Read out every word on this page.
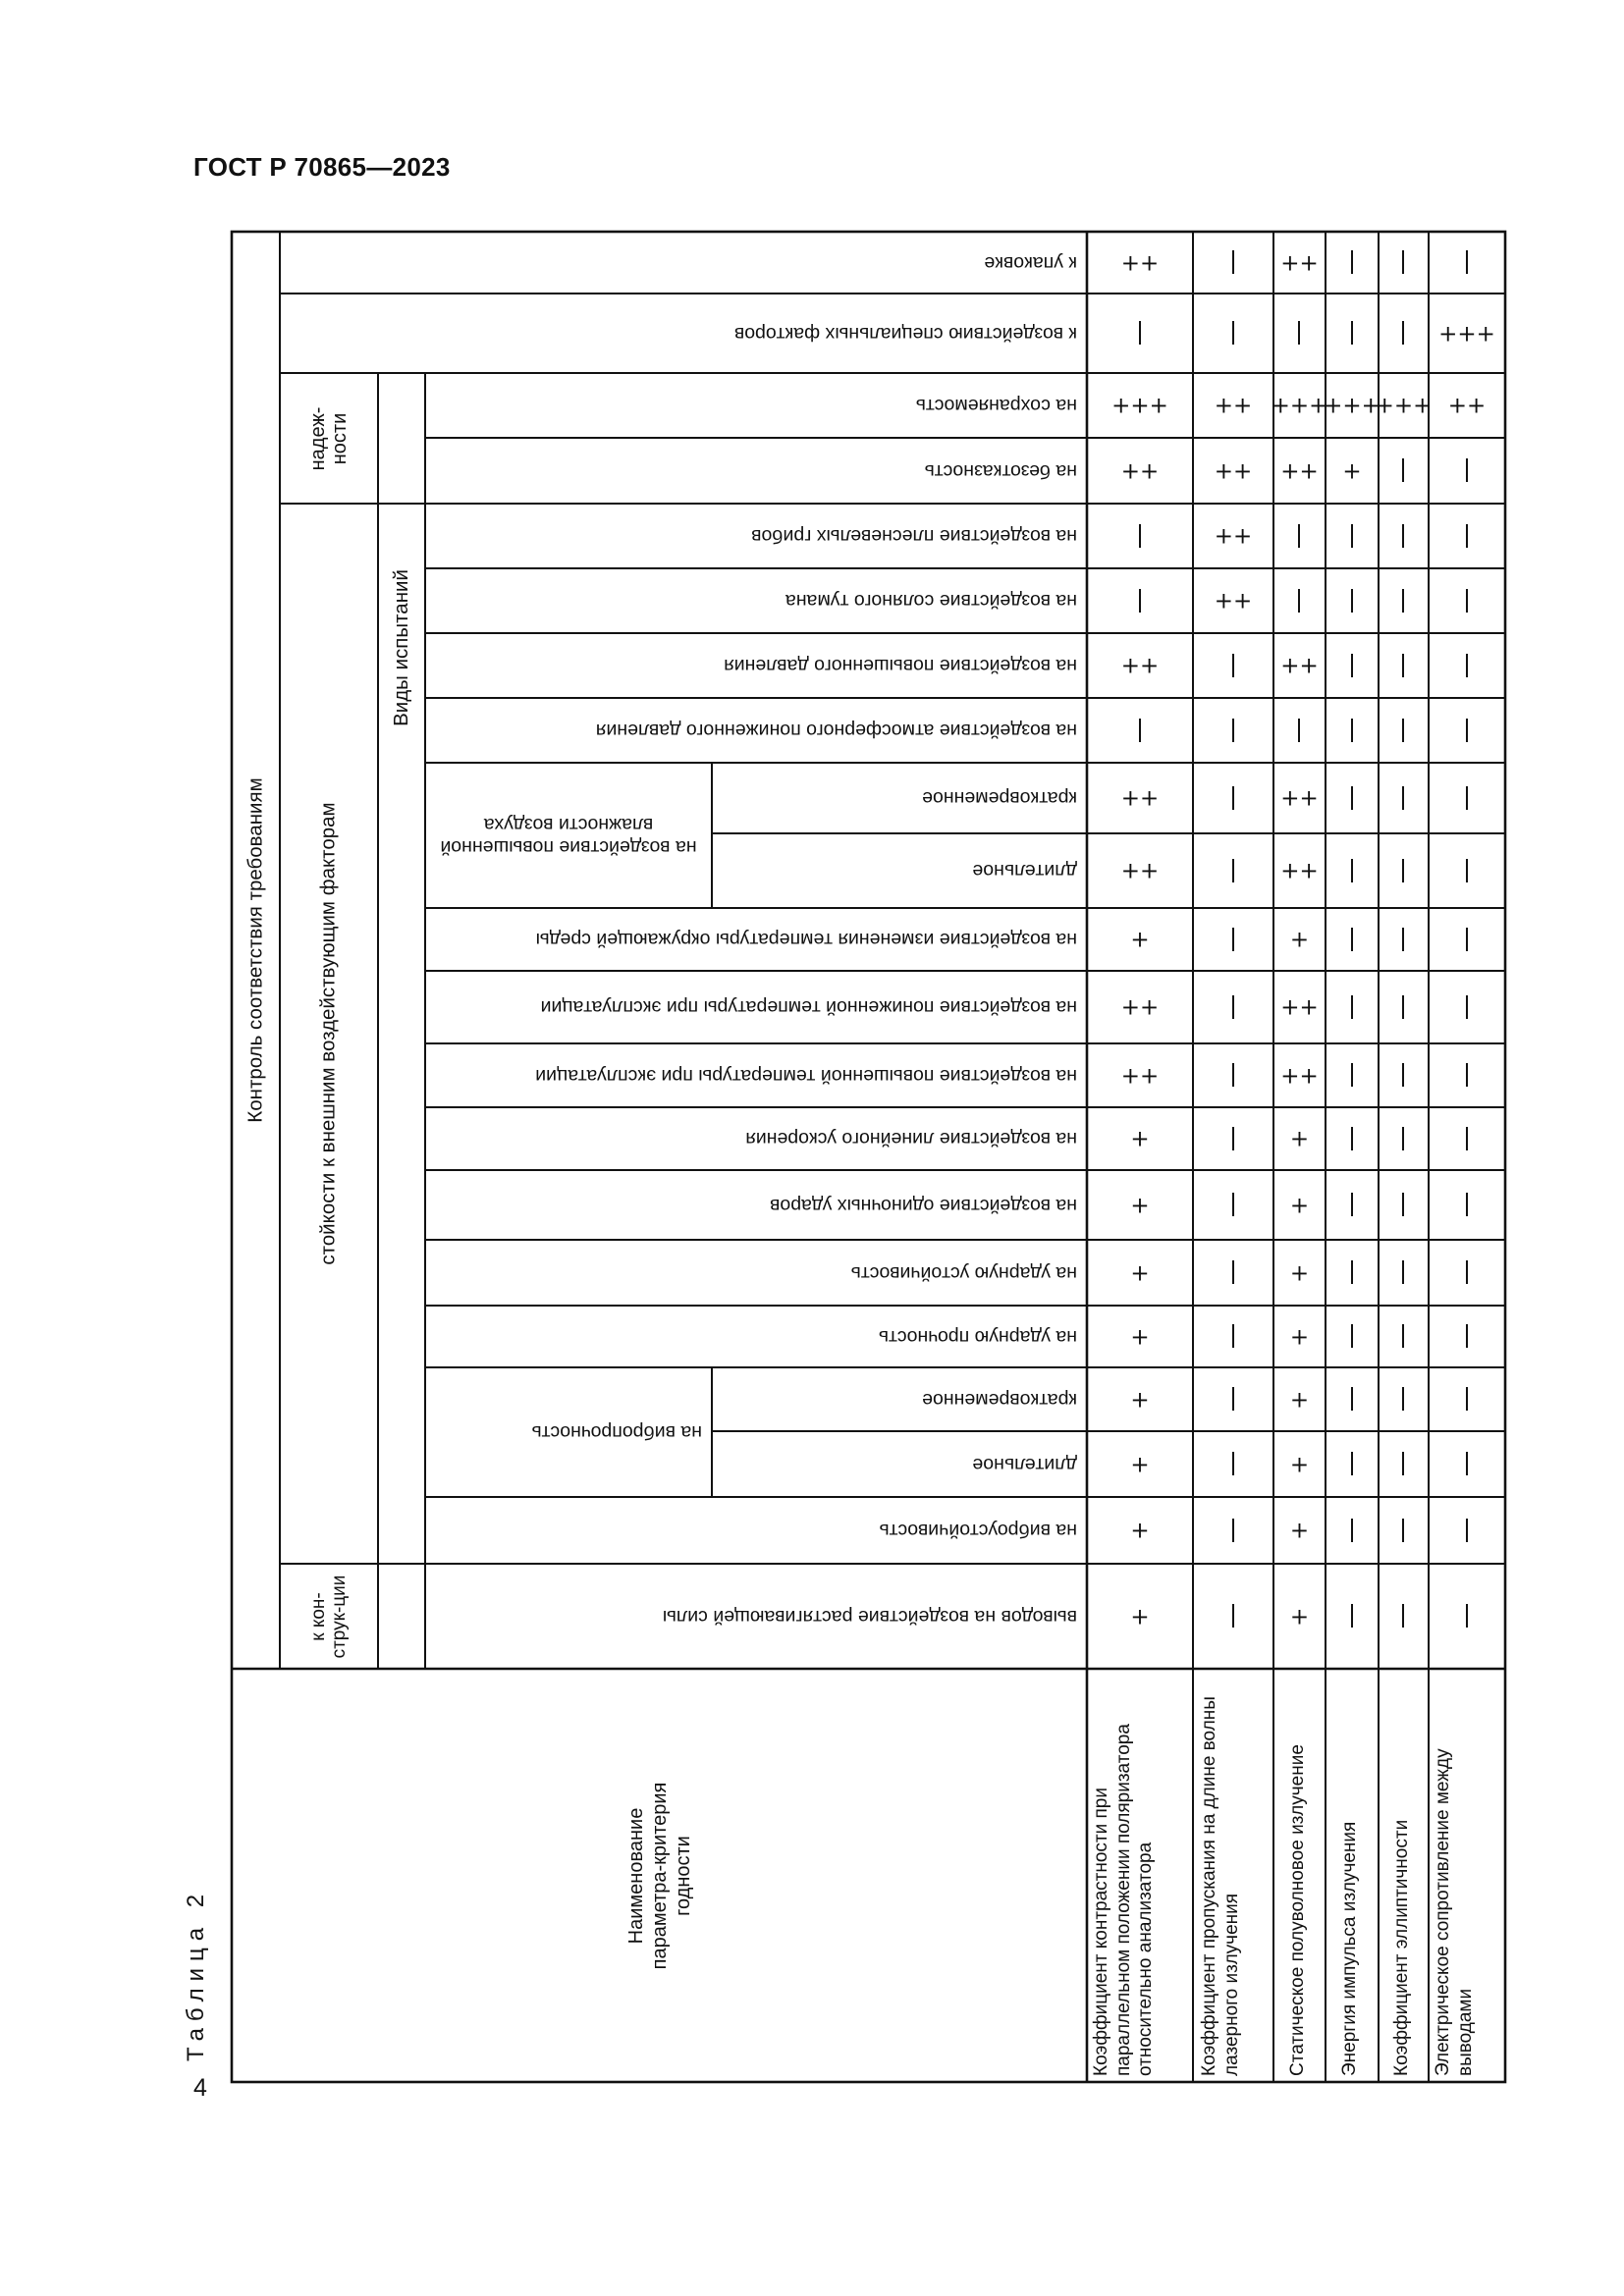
ГОСТ Р 70865—2023
Таблица 2
4
Контроль соответствия требованиям	стойкости к внешним воздействующим факторам
надеж-ности
к кон-струк-ции
Виды испытаний
к упаковке
к воздействию специальных факторов
на сохраняемость
на безотказность
на воздействие плесневелых грибов
на воздействие соляного тумана
на воздействие повышенного давления
на воздействие атмосферного пониженного давления
кратковременное
длительное
на воздействие повышенной влажности воздуха
на воздействие изменения температуры окружающей среды
на воздействие пониженной температуры при эксплуатации
на воздействие повышенной температуры при эксплуатации
на воздействие линейного ускорения
на воздействие одиночных ударов
на ударную устойчивость
на ударную прочность
кратковременное
длительное
на вибропрочность
на виброустойчивость
выводов на воздействие растягивающей силы
Наименование параметра-критерия годности	Коэффициент контрастности при параллельном положении поляризатора относительно анализатора Коэффициент пропускания на длине волны лазерного излучения Статическое полуволновое излучение Энергия импульса излучения Коэффициент эллиптичности Электрическое сопротивление между выводами
+
+
+
+
+
+
+
+
++
++
+
++
++
++
++
+++
++
++
++
++
++
+
+
+
+
+
+
+
+
++
++
+
++
++
++
++
+++
++
+
+++
+++ ++
+++
